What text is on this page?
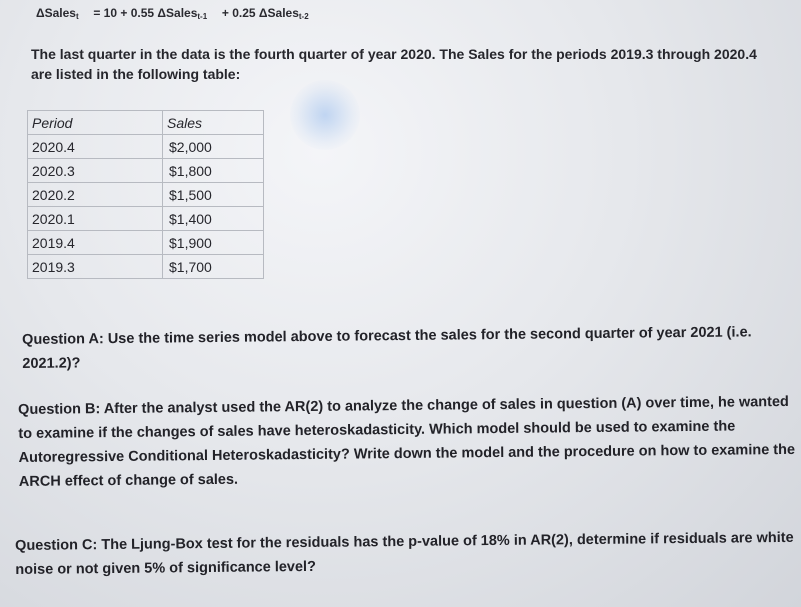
ΔSales$_t$ = 10 + 0.55 ΔSales$_{t-1}$ + 0.25 ΔSales$_{t-2}$
The last quarter in the data is the fourth quarter of year 2020. The Sales for the periods 2019.3 through 2020.4 are listed in the following table:
Period	Sales
2020.4	$2,000
2020.3	$1,800
2020.2	$1,500
2020.1	$1,400
2019.4	$1,900
2019.3	$1,700
Question A: Use the time series model above to forecast the sales for the second quarter of year 2021 (i.e. 2021.2)?
Question B: After the analyst used the AR(2) to analyze the change of sales in question (A) over time, he wanted to examine if the changes of sales have heteroskadasticity. Which model should be used to examine the Autoregressive Conditional Heteroskadasticity? Write down the model and the procedure on how to examine the ARCH effect of change of sales.
Question C: The Ljung-Box test for the residuals has the p-value of 18% in AR(2), determine if residuals are white noise or not given 5% of significance level?
